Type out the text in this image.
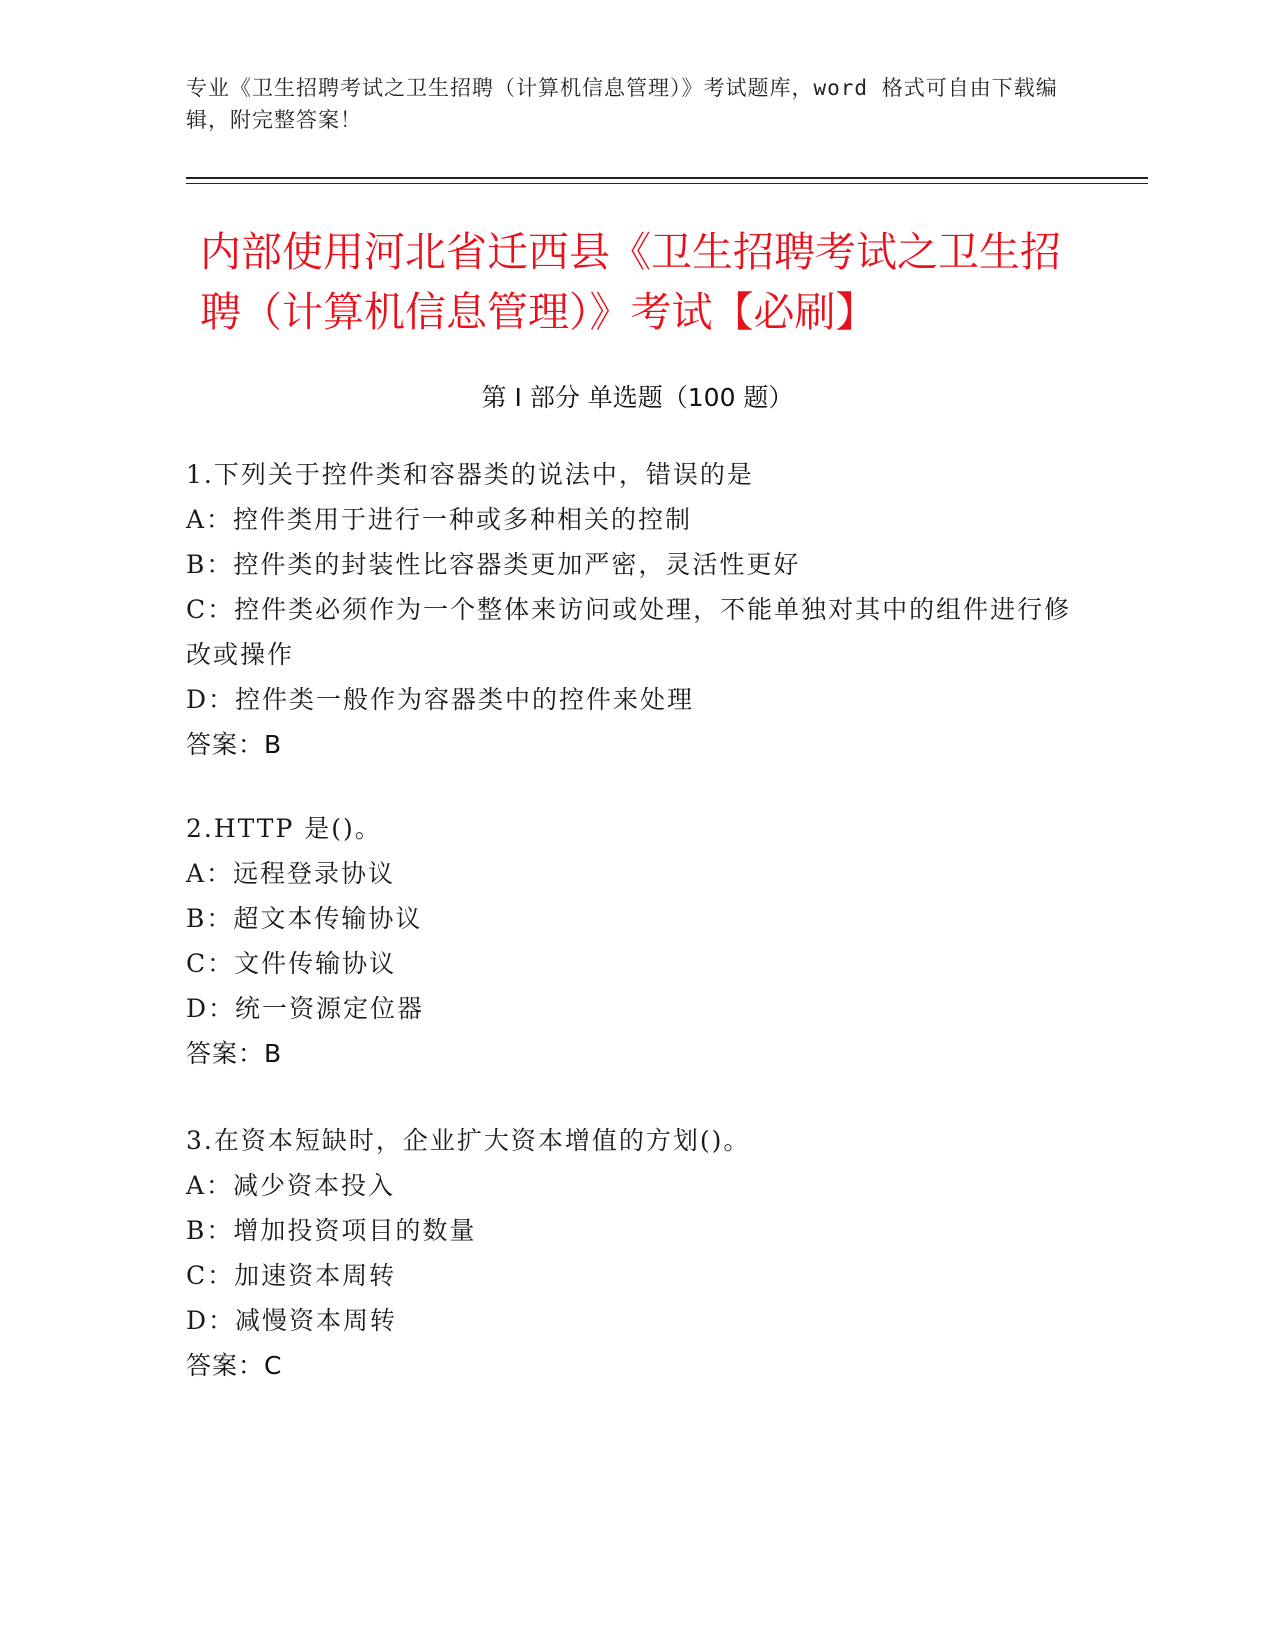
专业《卫生招聘考试之卫生招聘（计算机信息管理）》考试题库，word 格式可自由下载编辑，附完整答案！
内部使用河北省迁西县《卫生招聘考试之卫生招聘（计算机信息管理）》考试【必刷】
第 I 部分 单选题（100 题）
1.下列关于控件类和容器类的说法中，错误的是
A：控件类用于进行一种或多种相关的控制
B：控件类的封装性比容器类更加严密，灵活性更好
C：控件类必须作为一个整体来访问或处理，不能单独对其中的组件进行修改或操作
D：控件类一般作为容器类中的控件来处理
答案：B
2.HTTP 是()。
A：远程登录协议
B：超文本传输协议
C：文件传输协议
D：统一资源定位器
答案：B
3.在资本短缺时，企业扩大资本增值的方划()。
A：减少资本投入
B：增加投资项目的数量
C：加速资本周转
D：减慢资本周转
答案：C
